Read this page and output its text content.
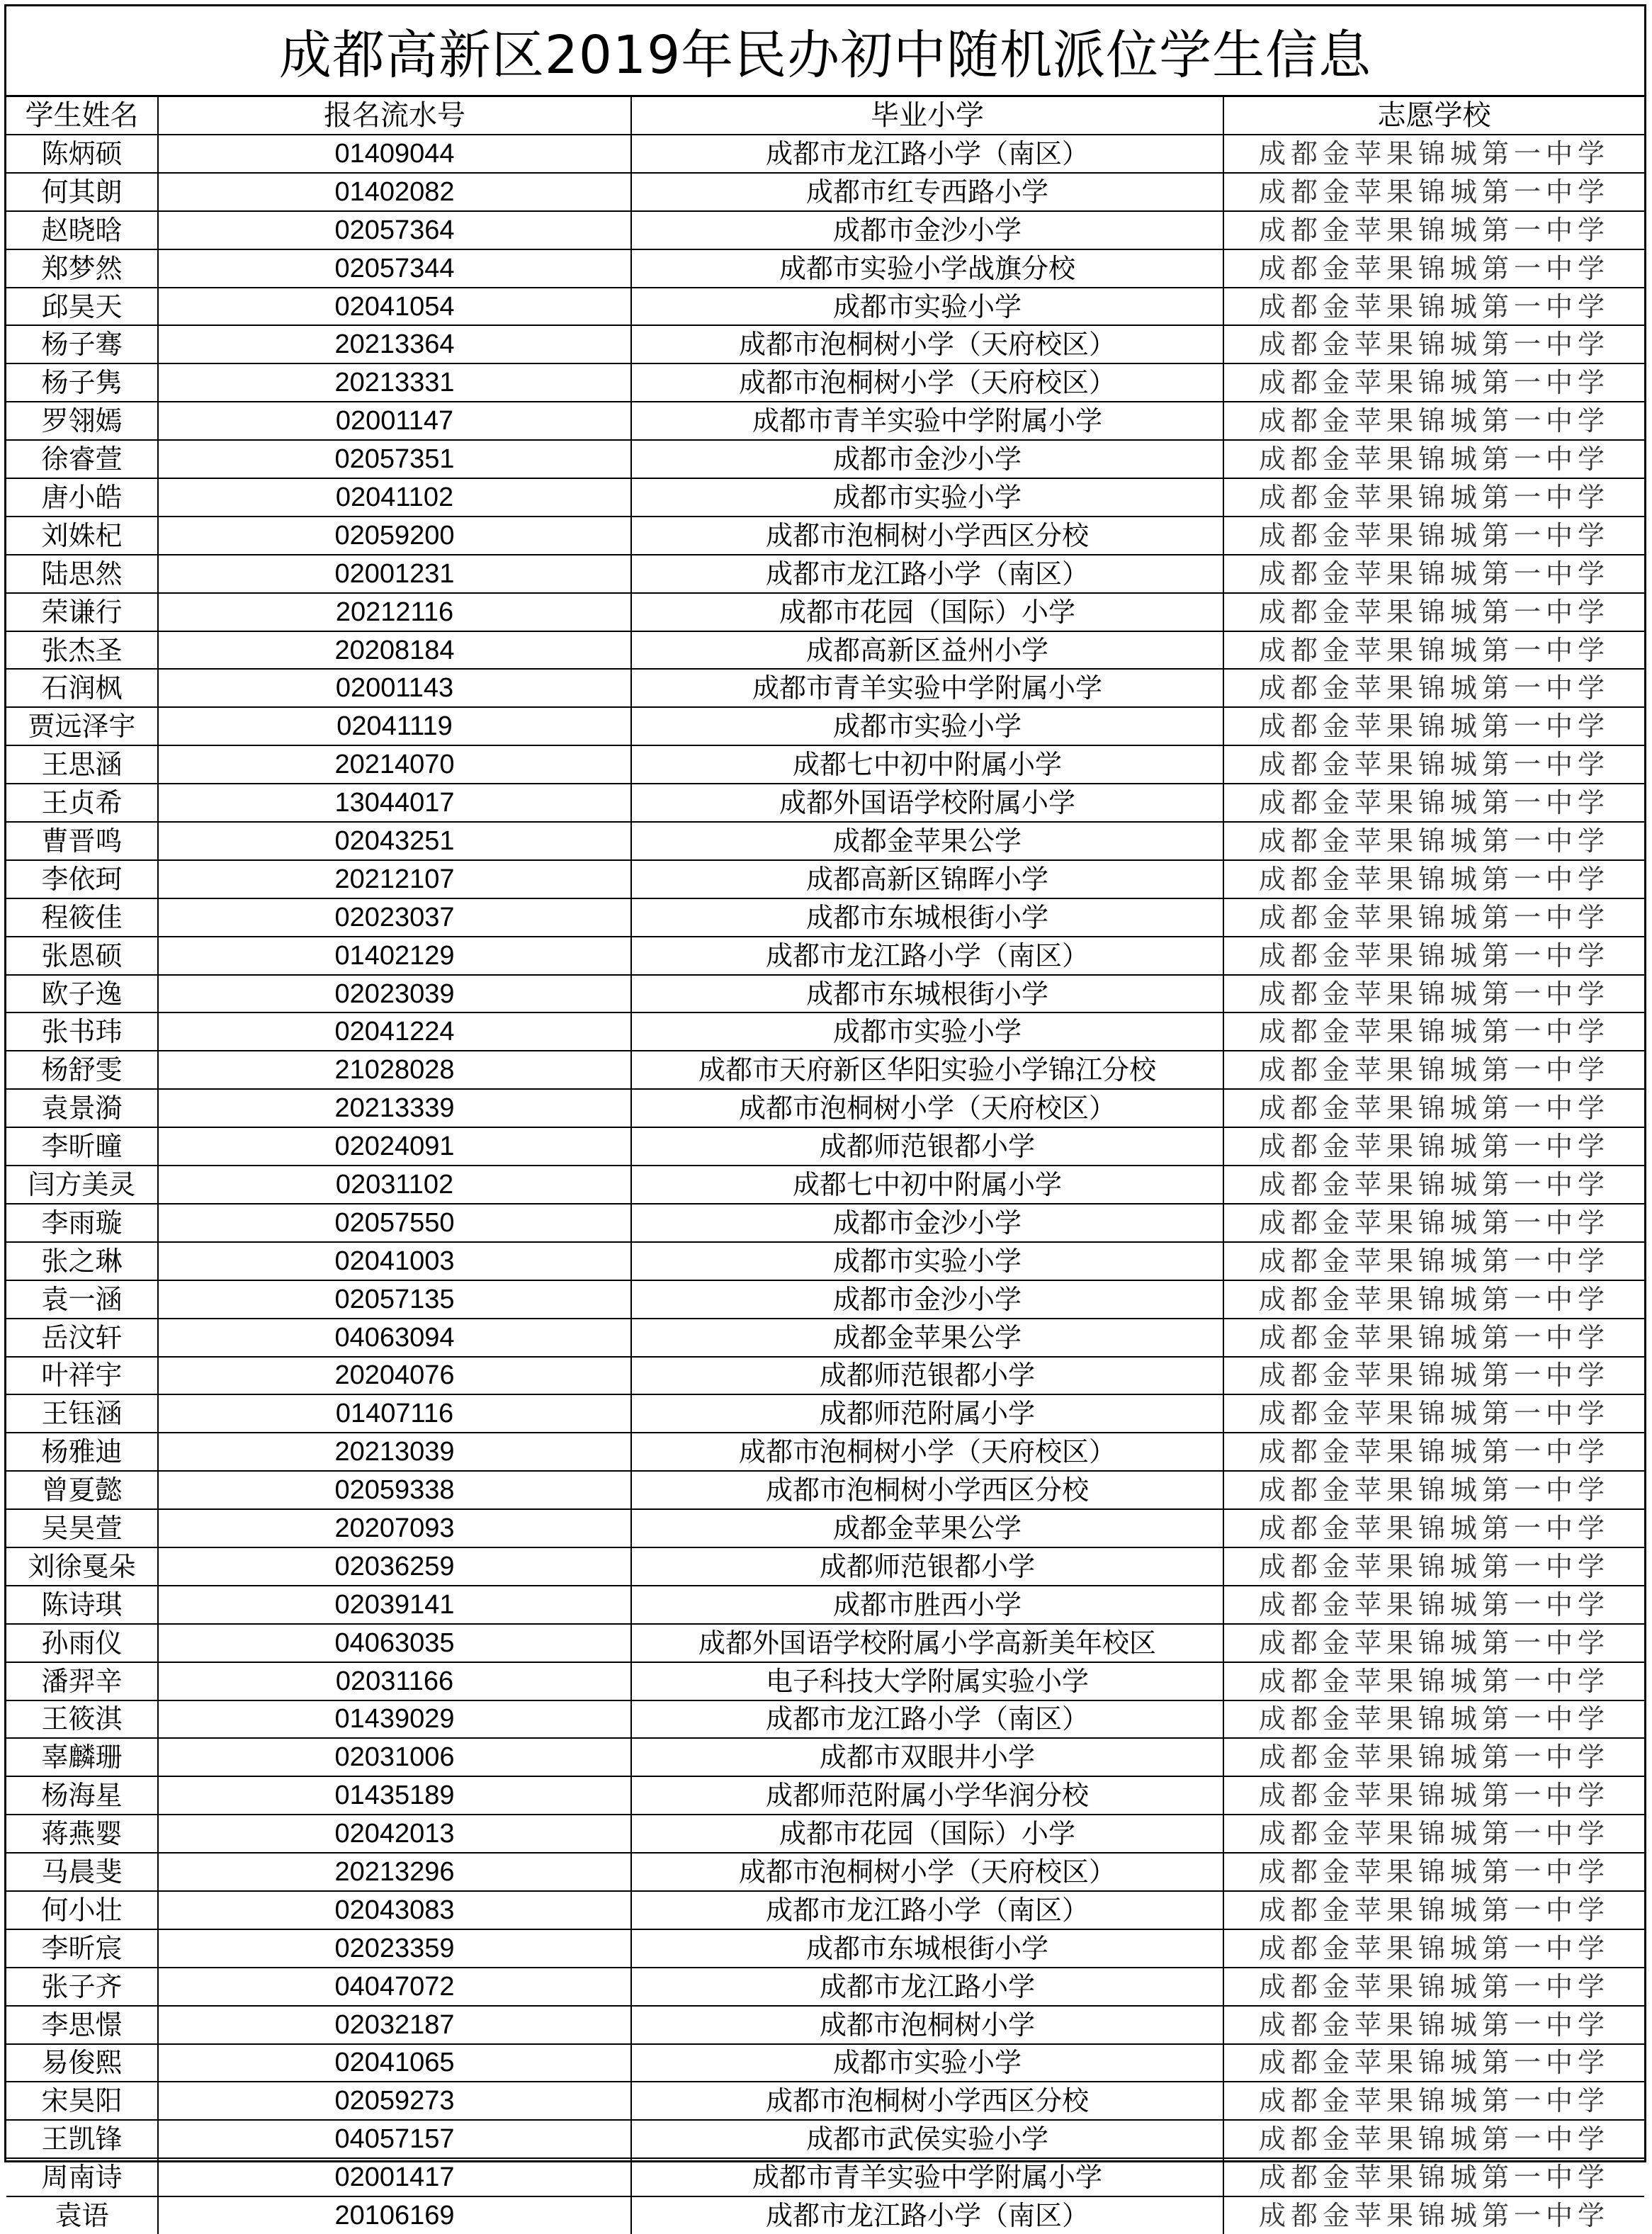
成都高新区2019年民办初中随机派位学生信息
学生姓名	报名流水号	毕业小学	志愿学校
陈炳硕	01409044	成都市龙江路小学（南区）	成都金苹果锦城第一中学
何其朗	01402082	成都市红专西路小学	成都金苹果锦城第一中学
赵晓晗	02057364	成都市金沙小学	成都金苹果锦城第一中学
郑梦然	02057344	成都市实验小学战旗分校	成都金苹果锦城第一中学
邱昊天	02041054	成都市实验小学	成都金苹果锦城第一中学
杨子骞	20213364	成都市泡桐树小学（天府校区）	成都金苹果锦城第一中学
杨子隽	20213331	成都市泡桐树小学（天府校区）	成都金苹果锦城第一中学
罗翎嫣	02001147	成都市青羊实验中学附属小学	成都金苹果锦城第一中学
徐睿萱	02057351	成都市金沙小学	成都金苹果锦城第一中学
唐小皓	02041102	成都市实验小学	成都金苹果锦城第一中学
刘姝杞	02059200	成都市泡桐树小学西区分校	成都金苹果锦城第一中学
陆思然	02001231	成都市龙江路小学（南区）	成都金苹果锦城第一中学
荣谦行	20212116	成都市花园（国际）小学	成都金苹果锦城第一中学
张杰圣	20208184	成都高新区益州小学	成都金苹果锦城第一中学
石润枫	02001143	成都市青羊实验中学附属小学	成都金苹果锦城第一中学
贾远泽宇	02041119	成都市实验小学	成都金苹果锦城第一中学
王思涵	20214070	成都七中初中附属小学	成都金苹果锦城第一中学
王贞希	13044017	成都外国语学校附属小学	成都金苹果锦城第一中学
曹晋鸣	02043251	成都金苹果公学	成都金苹果锦城第一中学
李依珂	20212107	成都高新区锦晖小学	成都金苹果锦城第一中学
程筱佳	02023037	成都市东城根街小学	成都金苹果锦城第一中学
张恩硕	01402129	成都市龙江路小学（南区）	成都金苹果锦城第一中学
欧子逸	02023039	成都市东城根街小学	成都金苹果锦城第一中学
张书玮	02041224	成都市实验小学	成都金苹果锦城第一中学
杨舒雯	21028028	成都市天府新区华阳实验小学锦江分校	成都金苹果锦城第一中学
袁景漪	20213339	成都市泡桐树小学（天府校区）	成都金苹果锦城第一中学
李昕曈	02024091	成都师范银都小学	成都金苹果锦城第一中学
闫方美灵	02031102	成都七中初中附属小学	成都金苹果锦城第一中学
李雨璇	02057550	成都市金沙小学	成都金苹果锦城第一中学
张之琳	02041003	成都市实验小学	成都金苹果锦城第一中学
袁一涵	02057135	成都市金沙小学	成都金苹果锦城第一中学
岳汶轩	04063094	成都金苹果公学	成都金苹果锦城第一中学
叶祥宇	20204076	成都师范银都小学	成都金苹果锦城第一中学
王钰涵	01407116	成都师范附属小学	成都金苹果锦城第一中学
杨雅迪	20213039	成都市泡桐树小学（天府校区）	成都金苹果锦城第一中学
曾夏懿	02059338	成都市泡桐树小学西区分校	成都金苹果锦城第一中学
吴昊萱	20207093	成都金苹果公学	成都金苹果锦城第一中学
刘徐戛朵	02036259	成都师范银都小学	成都金苹果锦城第一中学
陈诗琪	02039141	成都市胜西小学	成都金苹果锦城第一中学
孙雨仪	04063035	成都外国语学校附属小学高新美年校区	成都金苹果锦城第一中学
潘羿辛	02031166	电子科技大学附属实验小学	成都金苹果锦城第一中学
王筱淇	01439029	成都市龙江路小学（南区）	成都金苹果锦城第一中学
辜麟珊	02031006	成都市双眼井小学	成都金苹果锦城第一中学
杨海星	01435189	成都师范附属小学华润分校	成都金苹果锦城第一中学
蒋燕婴	02042013	成都市花园（国际）小学	成都金苹果锦城第一中学
马晨斐	20213296	成都市泡桐树小学（天府校区）	成都金苹果锦城第一中学
何小壮	02043083	成都市龙江路小学（南区）	成都金苹果锦城第一中学
李昕宸	02023359	成都市东城根街小学	成都金苹果锦城第一中学
张子齐	04047072	成都市龙江路小学	成都金苹果锦城第一中学
李思憬	02032187	成都市泡桐树小学	成都金苹果锦城第一中学
易俊熙	02041065	成都市实验小学	成都金苹果锦城第一中学
宋昊阳	02059273	成都市泡桐树小学西区分校	成都金苹果锦城第一中学
王凯锋	04057157	成都市武侯实验小学	成都金苹果锦城第一中学
周南诗	02001417	成都市青羊实验中学附属小学	成都金苹果锦城第一中学
袁语	20106169	成都市龙江路小学（南区）	成都金苹果锦城第一中学
